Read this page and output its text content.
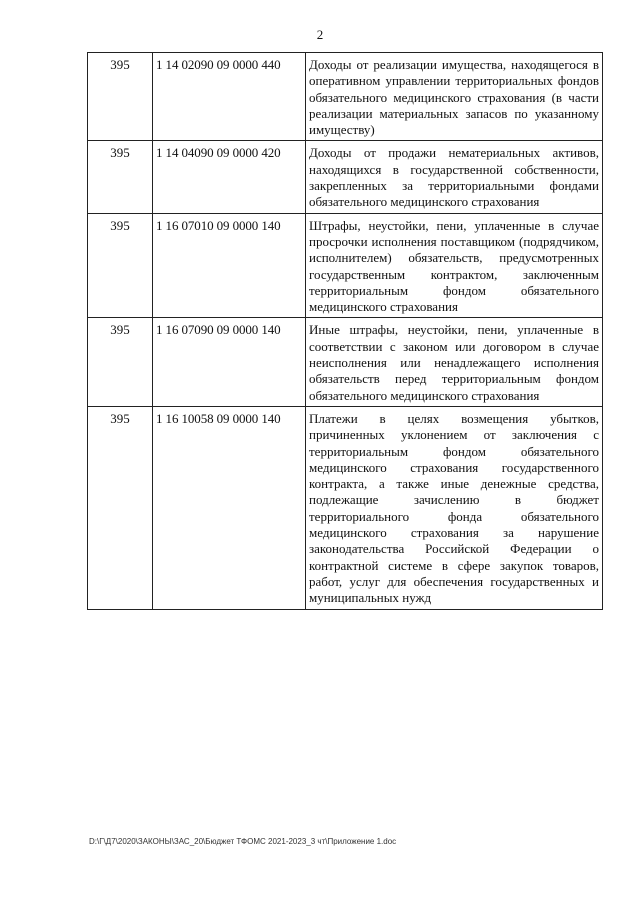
2
395	1 14 02090 09 0000 440	Доходы от реализации имущества, находящегося в оперативном управлении территориальных фондов обязательного медицинского страхования (в части реализации материальных запасов по указанному имуществу)
395	1 14 04090 09 0000 420	Доходы от продажи нематериальных активов, находящихся в государственной собственности, закрепленных за территориальными фондами обязательного медицинского страхования
395	1 16 07010 09 0000 140	Штрафы, неустойки, пени, уплаченные в случае просрочки исполнения поставщиком (подрядчиком, исполнителем) обязательств, предусмотренных государственным контрактом, заключенным территориальным фондом обязательного медицинского страхования
395	1 16 07090 09 0000 140	Иные штрафы, неустойки, пени, уплаченные в соответствии с законом или договором в случае неисполнения или ненадлежащего исполнения обязательств перед территориальным фондом обязательного медицинского страхования
395	1 16 10058 09 0000 140	Платежи в целях возмещения убытков, причиненных уклонением от заключения с территориальным фондом обязательного медицинского страхования государственного контракта, а также иные денежные средства, подлежащие зачислению в бюджет территориального фонда обязательного медицинского страхования за нарушение законодательства Российской Федерации о контрактной системе в сфере закупок товаров, работ, услуг для обеспечения государственных и муниципальных нужд
D:\Г\Д7\2020\ЗАКОНЫ\ЗАС_20\Бюджет ТФОМС 2021-2023_3 чт\Приложение 1.doc
